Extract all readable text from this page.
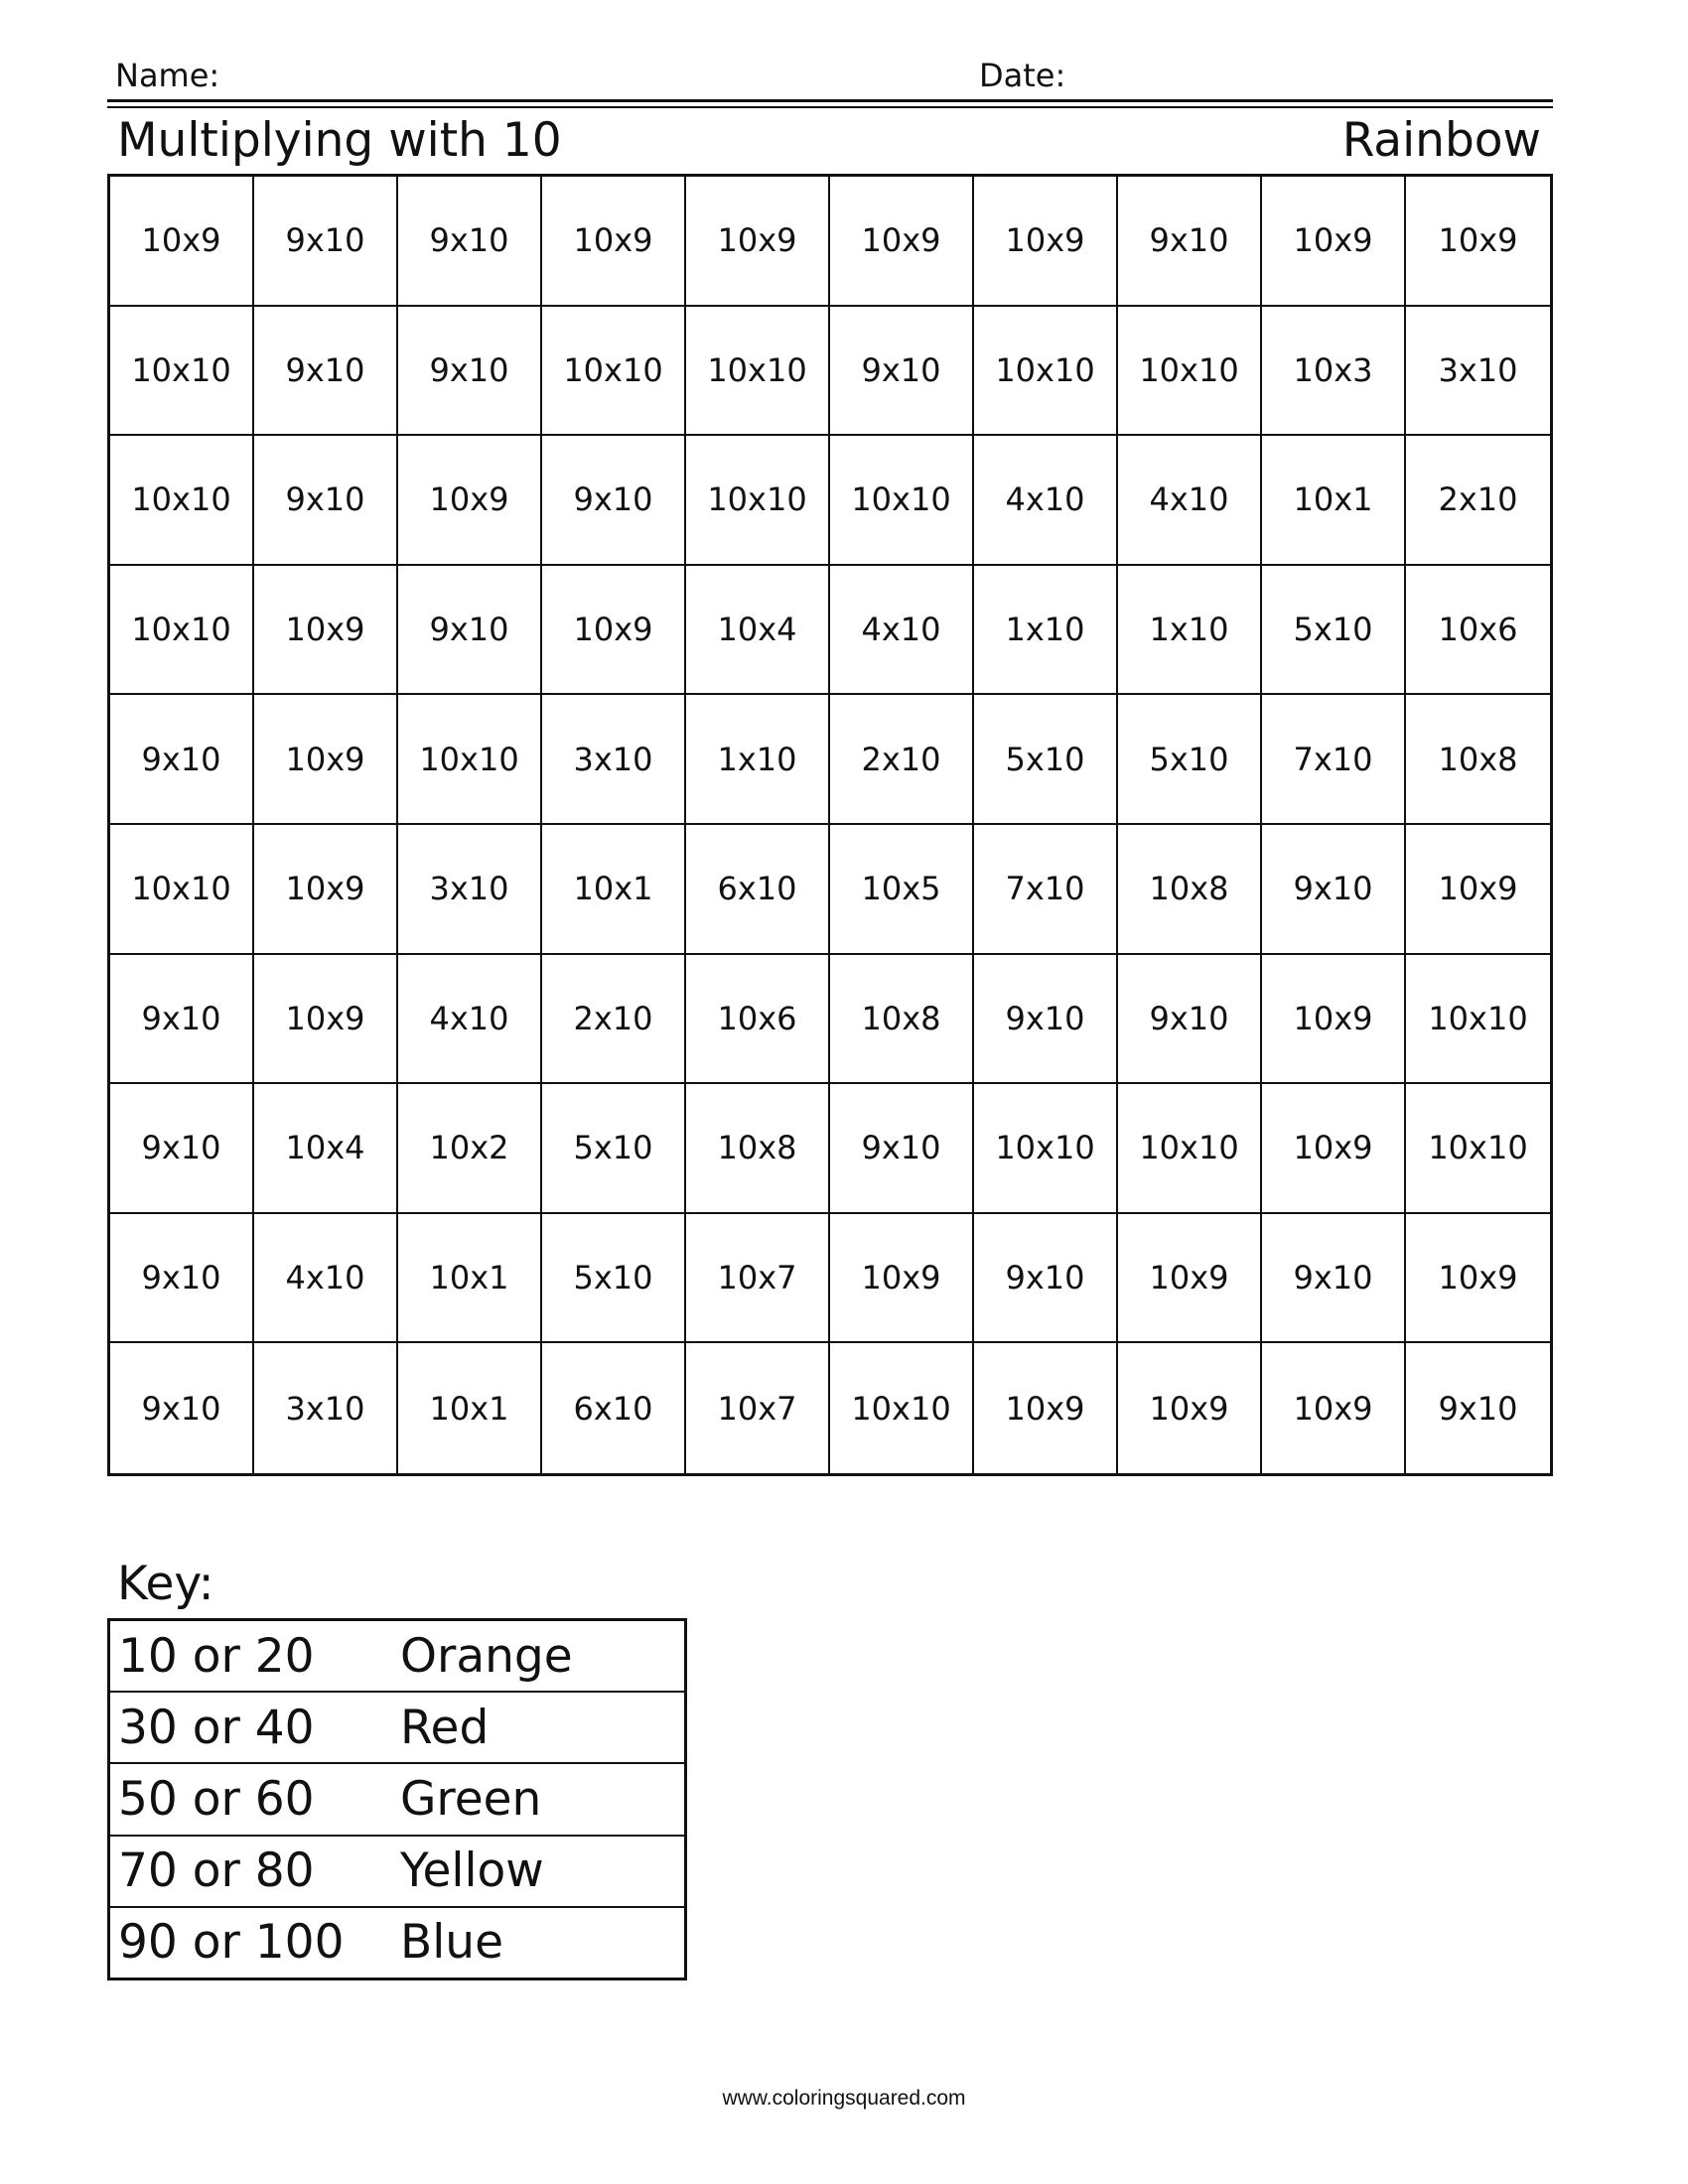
Name:	Date:
Multiplying with 10	Rainbow
10x9	9x10	9x10	10x9	10x9	10x9	10x9	9x10	10x9	10x9
10x10	9x10	9x10	10x10	10x10	9x10	10x10	10x10	10x3	3x10
10x10	9x10	10x9	9x10	10x10	10x10	4x10	4x10	10x1	2x10
10x10	10x9	9x10	10x9	10x4	4x10	1x10	1x10	5x10	10x6
9x10	10x9	10x10	3x10	1x10	2x10	5x10	5x10	7x10	10x8
10x10	10x9	3x10	10x1	6x10	10x5	7x10	10x8	9x10	10x9
9x10	10x9	4x10	2x10	10x6	10x8	9x10	9x10	10x9	10x10
9x10	10x4	10x2	5x10	10x8	9x10	10x10	10x10	10x9	10x10
9x10	4x10	10x1	5x10	10x7	10x9	9x10	10x9	9x10	10x9
9x10	3x10	10x1	6x10	10x7	10x10	10x9	10x9	10x9	9x10
Key:
10 or 20	Orange
30 or 40	Red
50 or 60	Green
70 or 80	Yellow
90 or 100	Blue
www.coloringsquared.com
